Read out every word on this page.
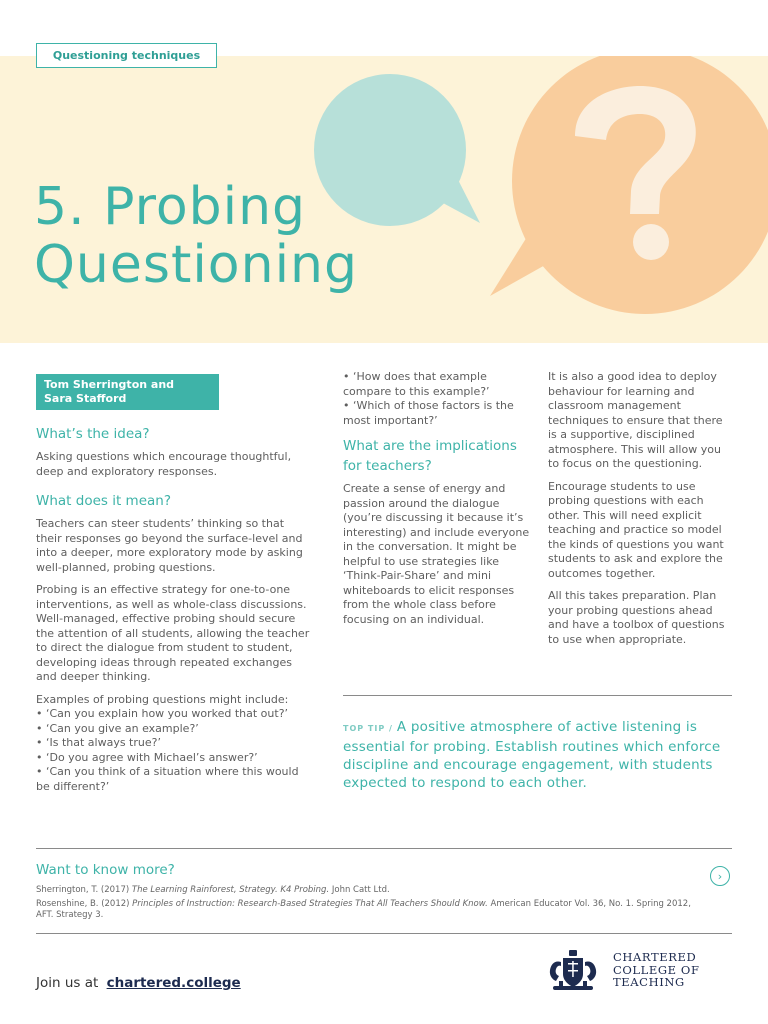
Questioning techniques
5. Probing
Questioning
Tom Sherrington and
Sara Stafford
What’s the idea?

Asking questions which encourage thoughtful, deep and exploratory responses.

What does it mean?

Teachers can steer students’ thinking so that their responses go beyond the surface-level and into a deeper, more exploratory mode by asking well-planned, probing questions.

Probing is an effective strategy for one-to-one interventions, as well as whole-class discussions. Well-managed, effective probing should secure the attention of all students, allowing the teacher to direct the dialogue from student to student, developing ideas through repeated exchanges and deeper thinking.

Examples of probing questions might include:
• ‘Can you explain how you worked that out?’
• ‘Can you give an example?’
• ‘Is that always true?’
• ‘Do you agree with Michael’s answer?’
• ‘Can you think of a situation where this would be different?’
• ‘How does that example compare to this example?’
• ‘Which of those factors is the most important?’
What are the implications for teachers?

Create a sense of energy and passion around the dialogue (you’re discussing it because it’s interesting) and include everyone in the conversation. It might be helpful to use strategies like ‘Think-Pair-Share’ and mini whiteboards to elicit responses from the whole class before focusing on an individual.

It is also a good idea to deploy behaviour for learning and classroom management techniques to ensure that there is a supportive, disciplined atmosphere. This will allow you to focus on the questioning.

Encourage students to use probing questions with each other. This will need explicit teaching and practice so model the kinds of questions you want students to ask and explore the outcomes together.

All this takes preparation. Plan your probing questions ahead and have a toolbox of questions to use when appropriate.

TOP TIP / A positive atmosphere of active listening is essential for probing. Establish routines which enforce discipline and encourage engagement, with students expected to respond to each other.
Want to know more?	›

Sherrington, T. (2017) The Learning Rainforest, Strategy. K4 Probing. John Catt Ltd.

Rosenshine, B. (2012) Principles of Instruction: Research-Based Strategies That All Teachers Should Know. American Educator Vol. 36, No. 1. Spring 2012, AFT. Strategy 3.

Join us at chartered.college
CHARTERED
COLLEGE OF
TEACHING
